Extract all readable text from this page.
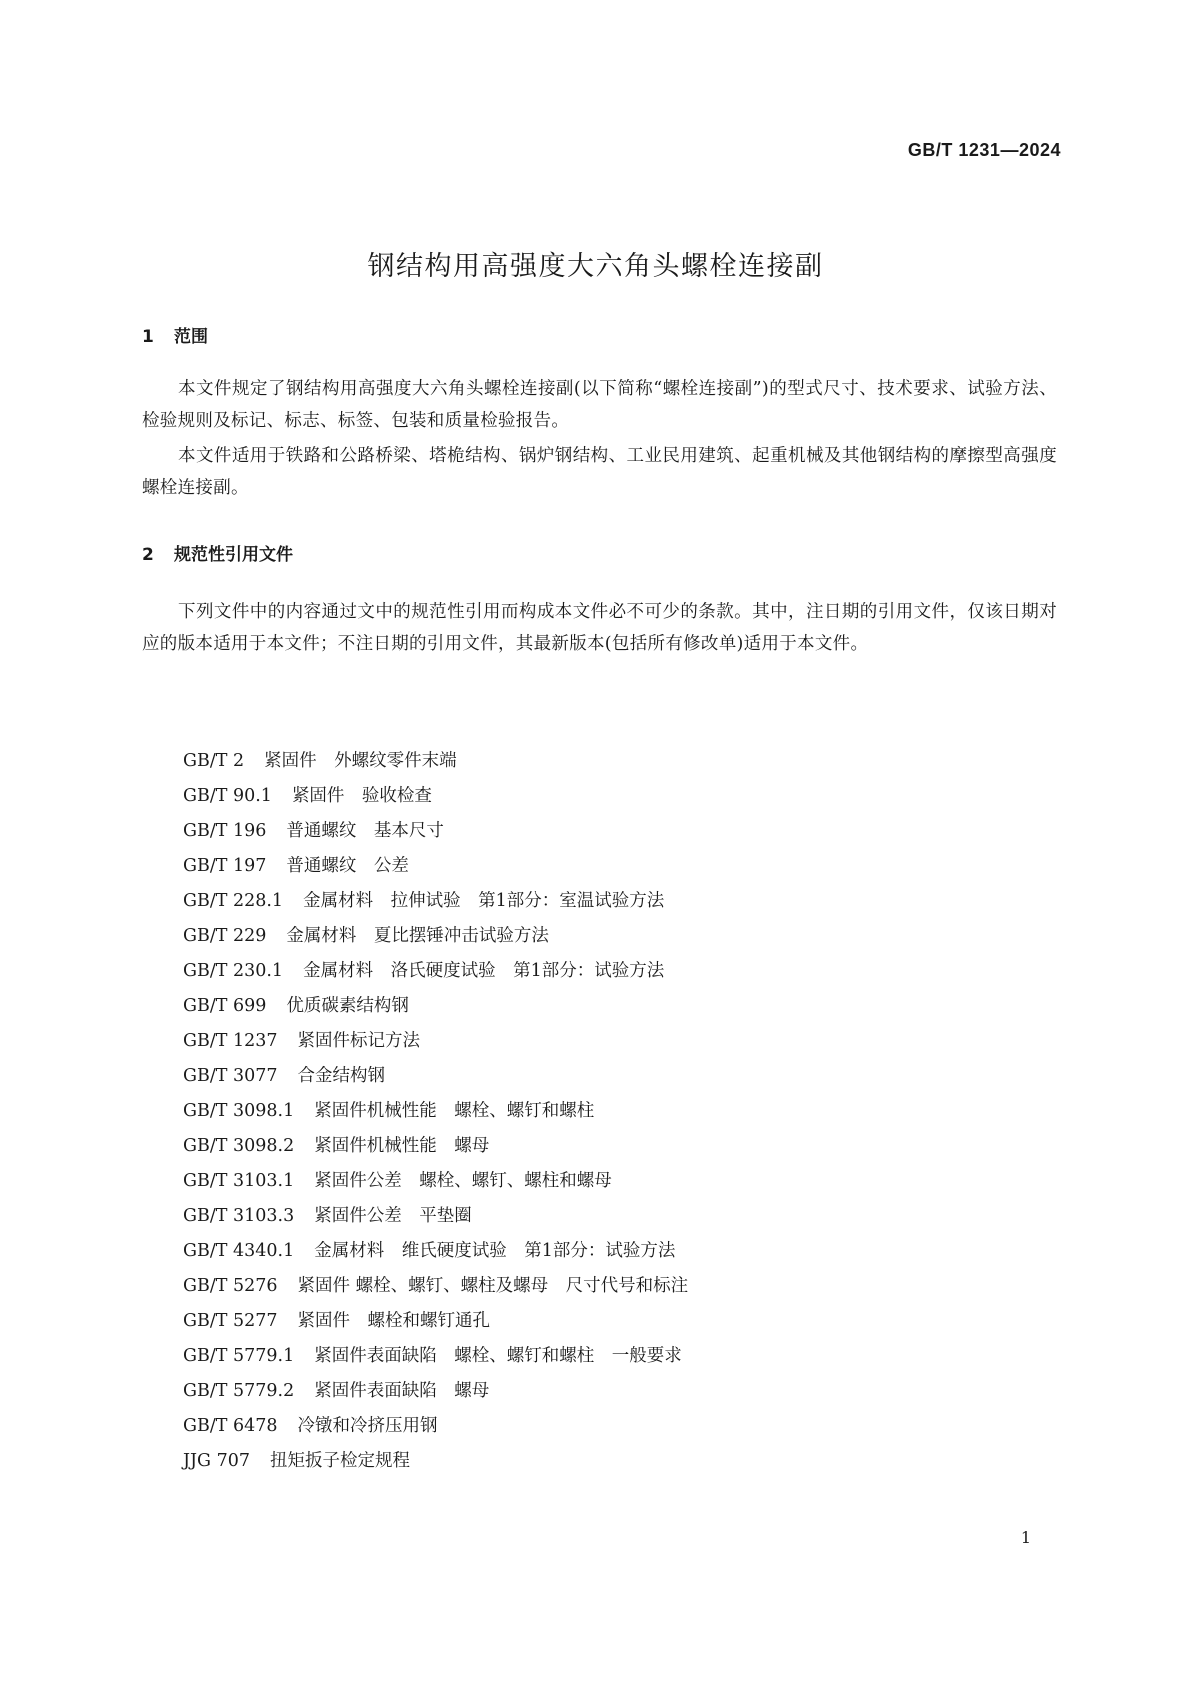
GB/T 1231—2024
钢结构用高强度大六角头螺栓连接副
1 范围

本文件规定了钢结构用高强度大六角头螺栓连接副(以下简称“螺栓连接副”)的型式尺寸、技术要求、试验方法、检验规则及标记、标志、标签、包装和质量检验报告。

本文件适用于铁路和公路桥梁、塔桅结构、锅炉钢结构、工业民用建筑、起重机械及其他钢结构的摩擦型高强度螺栓连接副。

2 规范性引用文件

下列文件中的内容通过文中的规范性引用而构成本文件必不可少的条款。其中，注日期的引用文件，仅该日期对应的版本适用于本文件；不注日期的引用文件，其最新版本(包括所有修改单)适用于本文件。

GB/T 2 紧固件　外螺纹零件末端
GB/T 90.1 紧固件　验收检查
GB/T 196 普通螺纹　基本尺寸
GB/T 197 普通螺纹　公差
GB/T 228.1 金属材料　拉伸试验　第1部分：室温试验方法
GB/T 229 金属材料　夏比摆锤冲击试验方法
GB/T 230.1 金属材料　洛氏硬度试验　第1部分：试验方法
GB/T 699 优质碳素结构钢
GB/T 1237 紧固件标记方法
GB/T 3077 合金结构钢
GB/T 3098.1 紧固件机械性能　螺栓、螺钉和螺柱
GB/T 3098.2 紧固件机械性能　螺母
GB/T 3103.1 紧固件公差　螺栓、螺钉、螺柱和螺母
GB/T 3103.3 紧固件公差　平垫圈
GB/T 4340.1 金属材料　维氏硬度试验　第1部分：试验方法
GB/T 5276 紧固件 螺栓、螺钉、螺柱及螺母　尺寸代号和标注
GB/T 5277 紧固件　螺栓和螺钉通孔
GB/T 5779.1 紧固件表面缺陷　螺栓、螺钉和螺柱　一般要求
GB/T 5779.2 紧固件表面缺陷　螺母
GB/T 6478 冷镦和冷挤压用钢
JJG 707 扭矩扳子检定规程
1
